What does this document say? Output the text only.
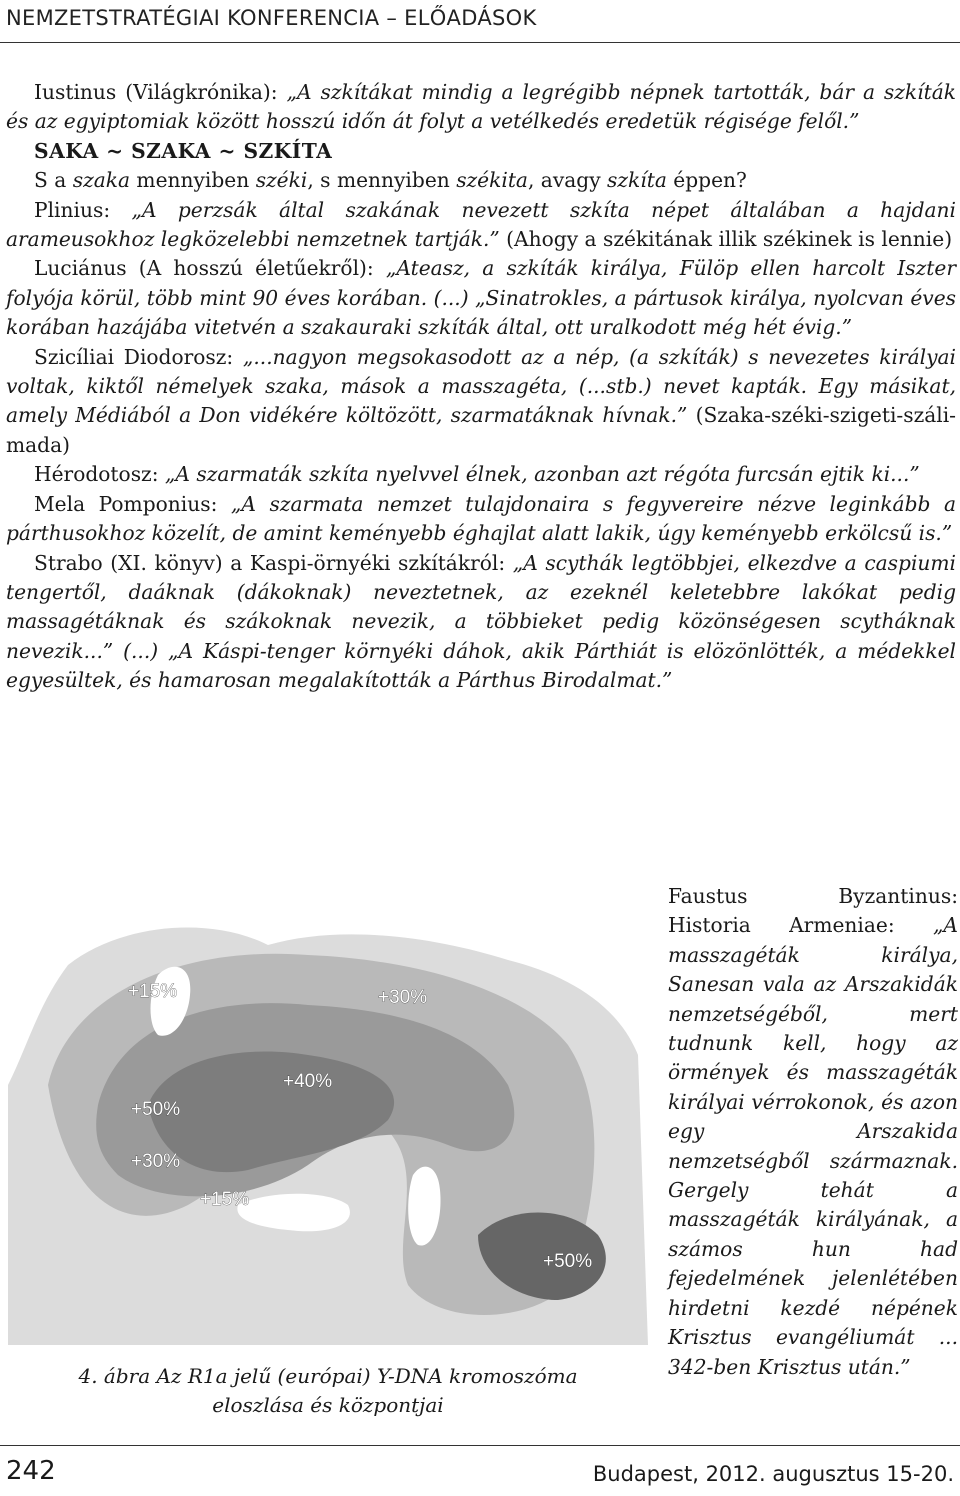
NEMZETSTRATÉGIAI KONFERENCIA – ELŐADÁSOK

Iustinus (Világkrónika): „A szkítákat mindig a legrégibb népnek tartották, bár a szkíták és az egyiptomiak között hosszú időn át folyt a vetélkedés eredetük régisége felől.”

SAKA ~ SZAKA ~ SZKÍTA

S a szaka mennyiben széki, s mennyiben székita, avagy szkíta éppen?

Plinius: „A perzsák által szakának nevezett szkíta népet általában a hajdani arameusokhoz legközelebbi nemzetnek tartják.” (Ahogy a székitának illik székinek is lennie)

Luciánus (A hosszú életűekről): „Ateasz, a szkíták királya, Fülöp ellen harcolt Iszter folyója körül, több mint 90 éves korában. (...) „Sinatrokles, a pártusok királya, nyolcvan éves korában hazájába vitetvén a szakauraki szkíták által, ott uralkodott még hét évig.”

Szicíliai Diodorosz: „...nagyon megsokasodott az a nép, (a szkíták) s nevezetes királyai voltak, kiktől némelyek szaka, mások a masszagéta, (...stb.) nevet kapták. Egy másikat, amely Médiából a Don vidékére költözött, szarmatáknak hívnak.” (Szaka-széki-szigeti-száli-mada)

Hérodotosz: „A szarmaták szkíta nyelvvel élnek, azonban azt régóta furcsán ejtik ki...”

Mela Pomponius: „A szarmata nemzet tulajdonaira s fegyvereire nézve leginkább a párthusokhoz közelít, de amint keményebb éghajlat alatt lakik, úgy keményebb erkölcsű is.”

Strabo (XI. könyv) a Kaspi-örnyéki szkítákról: „A scythák legtöbbjei, elkezdve a caspiumi tengertől, daáknak (dákoknak) neveztetnek, az ezeknél keletebbre lakókat pedig massagétáknak és szákoknak nevezik, a többieket pedig közönségesen scytháknak nevezik...” (...) „A Káspi-tenger környéki dáhok, akik Párthiát is elözönlötték, a médekkel egyesültek, és hamarosan megalakították a Párthus Birodalmat.”

+15%	+30%
+40%
+50%
+30%
+15%
+50%
4. ábra Az R1a jelű (európai) Y-DNA kromoszóma
eloszlása és központjai

Faustus Byzantinus: Historia Armeniae: „A masszagéták királya, Sanesan vala az Arszakidák nemzetségéből, mert tudnunk kell, hogy az örmények és masszagéták királyai vérrokonok, és azon egy Arszakida nemzetségből származnak. Gergely tehát a masszagéták királyának, a számos hun had fejedelmének jelenlétében hirdetni kezdé népének Krisztus evangéliumát ... 342-ben Krisztus után.”

242	Budapest, 2012. augusztus 15-20.
